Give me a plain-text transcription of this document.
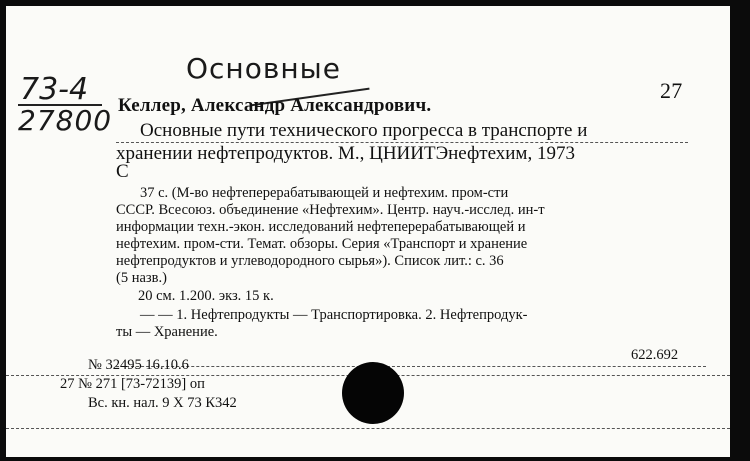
73-4
27800
Основные
27
Келлер, Александр Александрович.
Основные пути технического прогресса в транспорте и
хранении нефтепродуктов. М., ЦНИИТЭнефтехим, 1973
С
37 с. (М-во нефтеперерабатывающей и нефтехим. пром-сти
СССР. Всесоюз. объединение «Нефтехим». Центр. науч.-исслед. ин-т
информации техн.-экон. исследований нефтеперерабатывающей и
нефтехим. пром-сти. Темат. обзоры. Серия «Транспорт и хранение
нефтепродуктов и углеводородного сырья»). Список лит.: с. 36
(5 назв.)
20 см. 1.200. экз. 15 к.
— — 1. Нефтепродукты — Транспортировка. 2. Нефтепродук-
ты — Хранение.
622.692
№ 32495 16.10.6
27 № 271 [73-72139] оп
Вс. кн. нал. 9 Х 73 К342
